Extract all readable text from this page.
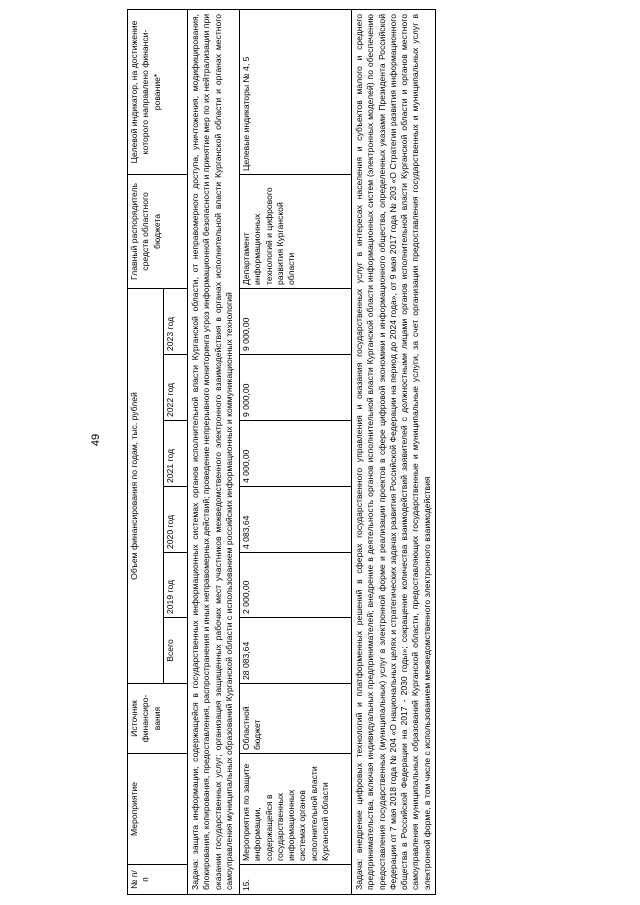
49
№ п/п	Мероприятие	Источник финансиро-вания	Объем финансирования по годам, тыс. рублей						Главный распорядитель средств областного бюджета	Целевой индикатор, на достижение которого направлено финанси-рование*
			Всего	2019 год	2020 год	2021 год	2022 год	2023 год		
Задача: защита информации, содержащейся в государственных информационных системах органов исполнительной власти Курганской области, от неправомерного доступа, уничтожения, модифицирования, блокирования, копирования, предоставления, распространения и иных неправомерных действий; проведение непрерывного мониторинга угроз информационной безопасности и принятие мер по их нейтрализации при оказании государственных услуг; организация защищенных рабочих мест участников межведомственного электронного взаимодействия в органах исполнительной власти Курганской области и органах местного самоуправления муниципальных образований Курганской области с использованием российских информационных и коммуникационных технологий										
15.	Мероприятия по защите информации, содержащейся в государственных информационных системах органов исполнительной власти Курганской области	Областной бюджет	28 083,64	2 000,00	4 083,64	4 000,00	9 000,00	9 000,00	Департамент информационных технологий и цифрового развития Курганской области	Целевые индикаторы № 4, 5
Задача: внедрение цифровых технологий и платформенных решений в сферах государственного управления и оказания государственных услуг в интересах населения и субъектов малого и среднего предпринимательства, включая индивидуальных предпринимателей; внедрение в деятельность органов исполнительной власти Курганской области информационных систем (электронных моделей) по обеспечению предоставления государственных (муниципальных) услуг в электронной форме и реализации проектов в сфере цифровой экономики и информационного общества, определенных указами Президента Российской Федерации от 7 мая 2018 года № 204 «О национальных целях и стратегических задачах развития Российской Федерации на период до 2024 года», от 9 мая 2017 года № 203 «О Стратегии развития информационного общества в Российской Федерации на 2017 - 2030 годы»; сокращение количества взаимодействий заявителей с должностными лицами органов исполнительной власти Курганской области и органов местного самоуправления муниципальных образований Курганской области, предоставляющих государственные и муниципальные услуги, за счет организации предоставления государственных и муниципальных услуг в электронной форме, в том числе с использованием межведомственного электронного взаимодействия										
